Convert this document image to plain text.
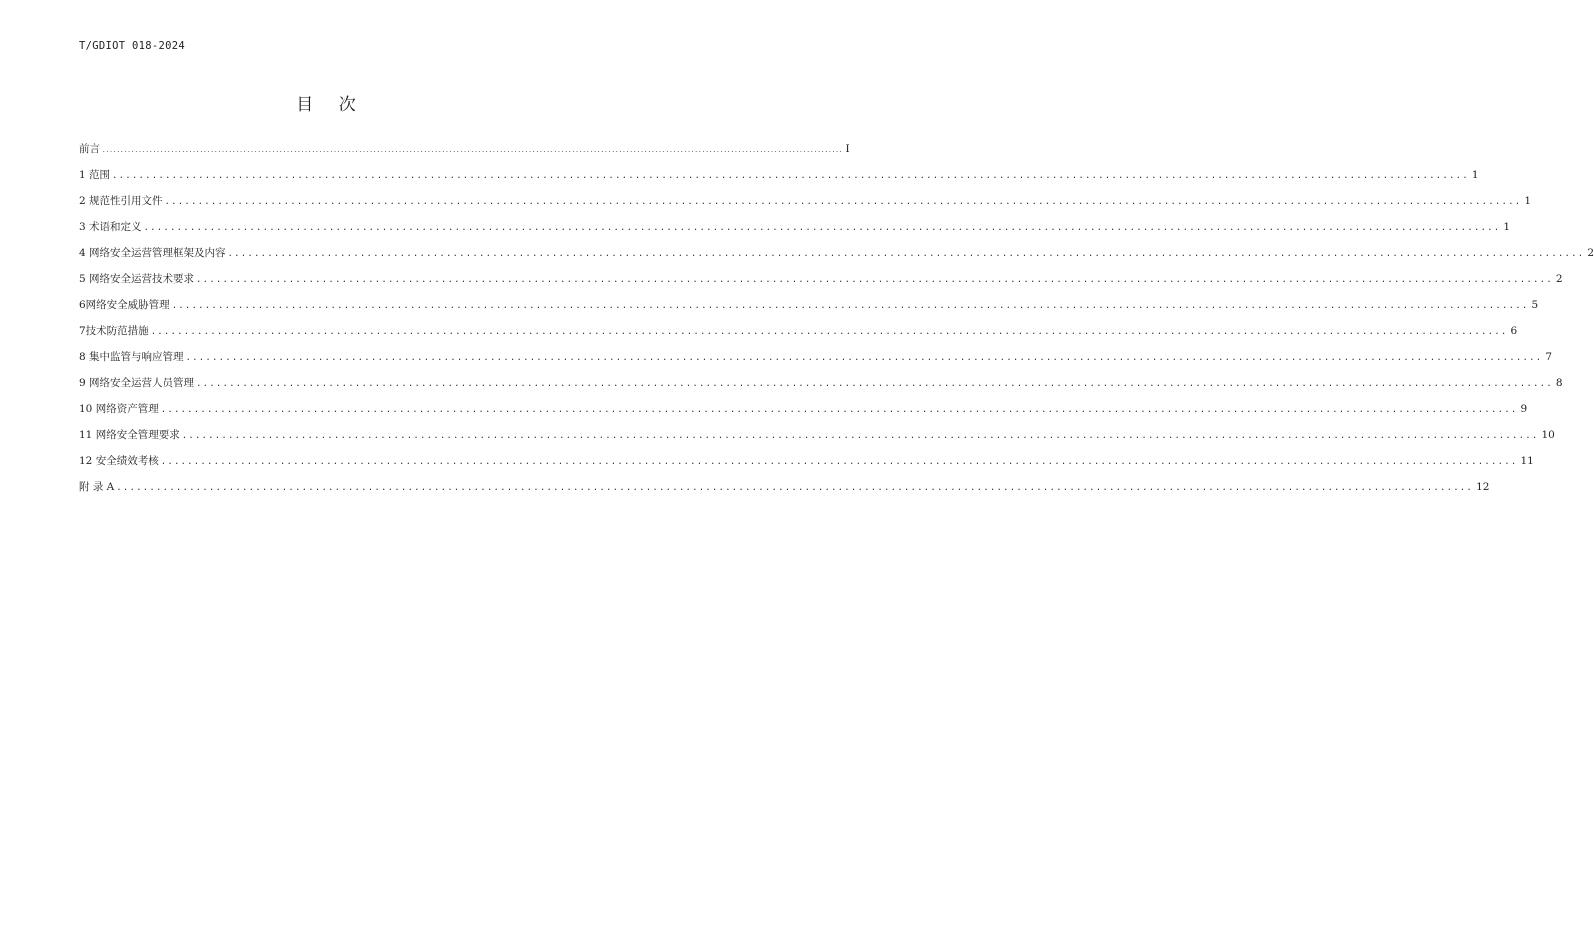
T/GDIOT 018-2024
目 次
前言 ............................................................................................................................................................................................................. I
1 范围 ............................................................................................................................................................................................................. 1
2 规范性引用文件 ............................................................................................................................................................................................................. 1
3 术语和定义 ............................................................................................................................................................................................................. 1
4 网络安全运营管理框架及内容 ............................................................................................................................................................................................................. 2
5 网络安全运营技术要求 ............................................................................................................................................................................................................. 2
6网络安全威胁管理 ............................................................................................................................................................................................................. 5
7技术防范措施 ............................................................................................................................................................................................................. 6
8 集中监管与响应管理 ............................................................................................................................................................................................................. 7
9 网络安全运营人员管理 ............................................................................................................................................................................................................. 8
10 网络资产管理 ............................................................................................................................................................................................................. 9
11 网络安全管理要求 ............................................................................................................................................................................................................. 10
12 安全绩效考核 ............................................................................................................................................................................................................. 11
附 录 A ............................................................................................................................................................................................................. 12
